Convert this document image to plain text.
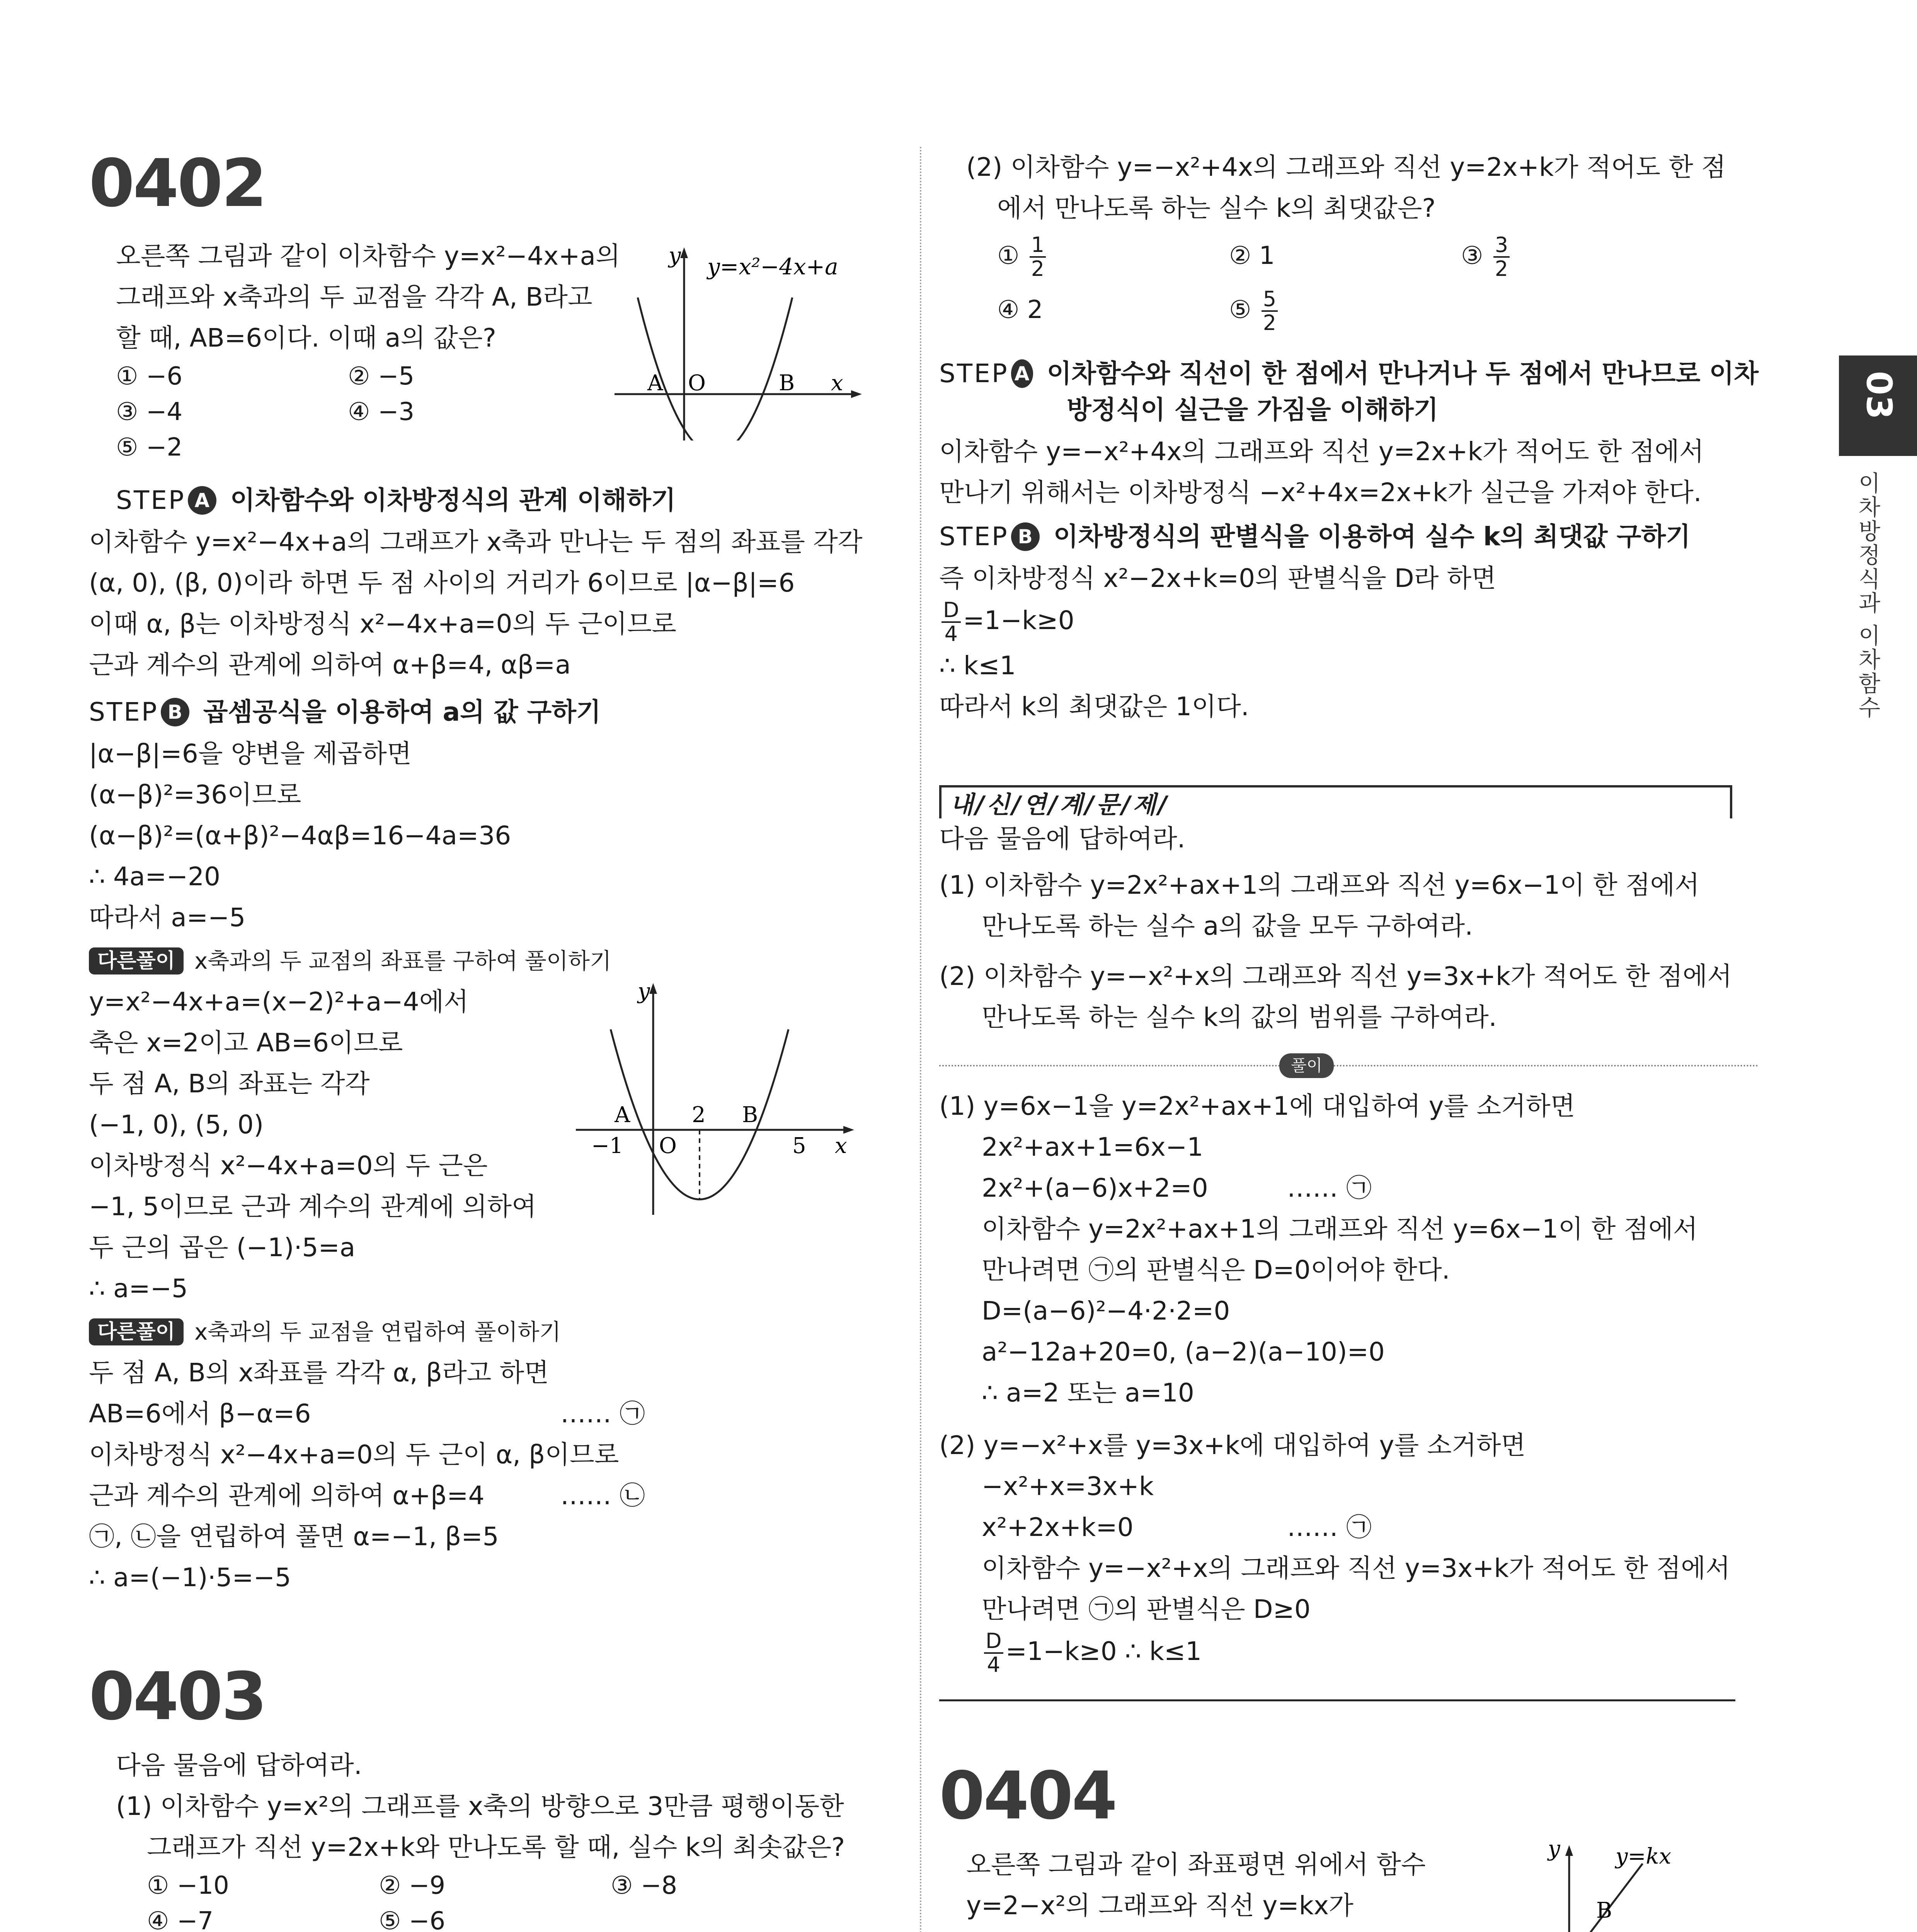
03
이차방정식과 이차함수
0402
오른쪽 그림과 같이 이차함수 y=x²−4x+a의
그래프와 x축과의 두 교점을 각각 A, B라고
할 때, AB=6이다. 이때 a의 값은?
① −6	② −5
③ −4	④ −3
⑤ −2
y y=x²−4x+a
A O	B x
STEP A 이차함수와 이차방정식의 관계 이해하기
이차함수 y=x²−4x+a의 그래프가 x축과 만나는 두 점의 좌표를 각각
(α, 0), (β, 0)이라 하면 두 점 사이의 거리가 6이므로 |α−β|=6
이때 α, β는 이차방정식 x²−4x+a=0의 두 근이므로
근과 계수의 관계에 의하여 α+β=4, αβ=a
STEP B 곱셈공식을 이용하여 a의 값 구하기
|α−β|=6을 양변을 제곱하면
(α−β)²=36이므로
(α−β)²=(α+β)²−4αβ=16−4a=36
∴ 4a=−20
따라서 a=−5
다른풀이 x축과의 두 교점의 좌표를 구하여 풀이하기
y=x²−4x+a=(x−2)²+a−4에서
축은 x=2이고 AB=6이므로
두 점 A, B의 좌표는 각각
(−1, 0), (5, 0)
이차방정식 x²−4x+a=0의 두 근은
−1, 5이므로 근과 계수의 관계에 의하여
두 근의 곱은 (−1)·5=a
∴ a=−5
y
x
A	2 B
−1 O	5
다른풀이 x축과의 두 교점을 연립하여 풀이하기
두 점 A, B의 x좌표를 각각 α, β라고 하면
AB=6에서 β−α=6	…… ㉠
이차방정식 x²−4x+a=0의 두 근이 α, β이므로
근과 계수의 관계에 의하여 α+β=4	…… ㉡
㉠, ㉡을 연립하여 풀면 α=−1, β=5
∴ a=(−1)·5=−5
0403
다음 물음에 답하여라.
(1) 이차함수 y=x²의 그래프를 x축의 방향으로 3만큼 평행이동한
그래프가 직선 y=2x+k와 만나도록 할 때, 실수 k의 최솟값은?
① −10	② −9	③ −8
④ −7	⑤ −6
(2) 이차함수 y=−x²+4x의 그래프와 직선 y=2x+k가 적어도 한 점
에서 만나도록 하는 실수 k의 최댓값은?
① $\frac{1}{2}$	② 1	③ $\frac{3}{2}$
④ 2	⑤ $\frac{5}{2}$
STEP A 이차함수와 직선이 한 점에서 만나거나 두 점에서 만나므로 이차
방정식이 실근을 가짐을 이해하기
이차함수 y=−x²+4x의 그래프와 직선 y=2x+k가 적어도 한 점에서
만나기 위해서는 이차방정식 −x²+4x=2x+k가 실근을 가져야 한다.
STEP B 이차방정식의 판별식을 이용하여 실수 k의 최댓값 구하기
즉 이차방정식 x²−2x+k=0의 판별식을 D라 하면
$\frac{D}{4} =1-k\ge 0$
∴ k≤1
따라서 k의 최댓값은 1이다.
내/신/연/계/문/제/
다음 물음에 답하여라.
(1) 이차함수 y=2x²+ax+1의 그래프와 직선 y=6x−1이 한 점에서
만나도록 하는 실수 a의 값을 모두 구하여라.
(2) 이차함수 y=−x²+x의 그래프와 직선 y=3x+k가 적어도 한 점에서
만나도록 하는 실수 k의 값의 범위를 구하여라.
풀이
(1) y=6x−1을 y=2x²+ax+1에 대입하여 y를 소거하면
2x²+ax+1=6x−1
2x²+(a−6)x+2=0	…… ㉠
이차함수 y=2x²+ax+1의 그래프와 직선 y=6x−1이 한 점에서
만나려면 ㉠의 판별식은 D=0이어야 한다.
D=(a−6)²−4·2·2=0
a²−12a+20=0, (a−2)(a−10)=0
∴ a=2 또는 a=10
(2) y=−x²+x를 y=3x+k에 대입하여 y를 소거하면
−x²+x=3x+k
x²+2x+k=0	…… ㉠
이차함수 y=−x²+x의 그래프와 직선 y=3x+k가 적어도 한 점에서
만나려면 ㉠의 판별식은 D≥0
$\frac{D}{4} =1-k\ge 0$ ∴ k≤1
0404
오른쪽 그림과 같이 좌표평면 위에서 함수
y=2−x²의 그래프와 직선 y=kx가
y	y=kx
B
